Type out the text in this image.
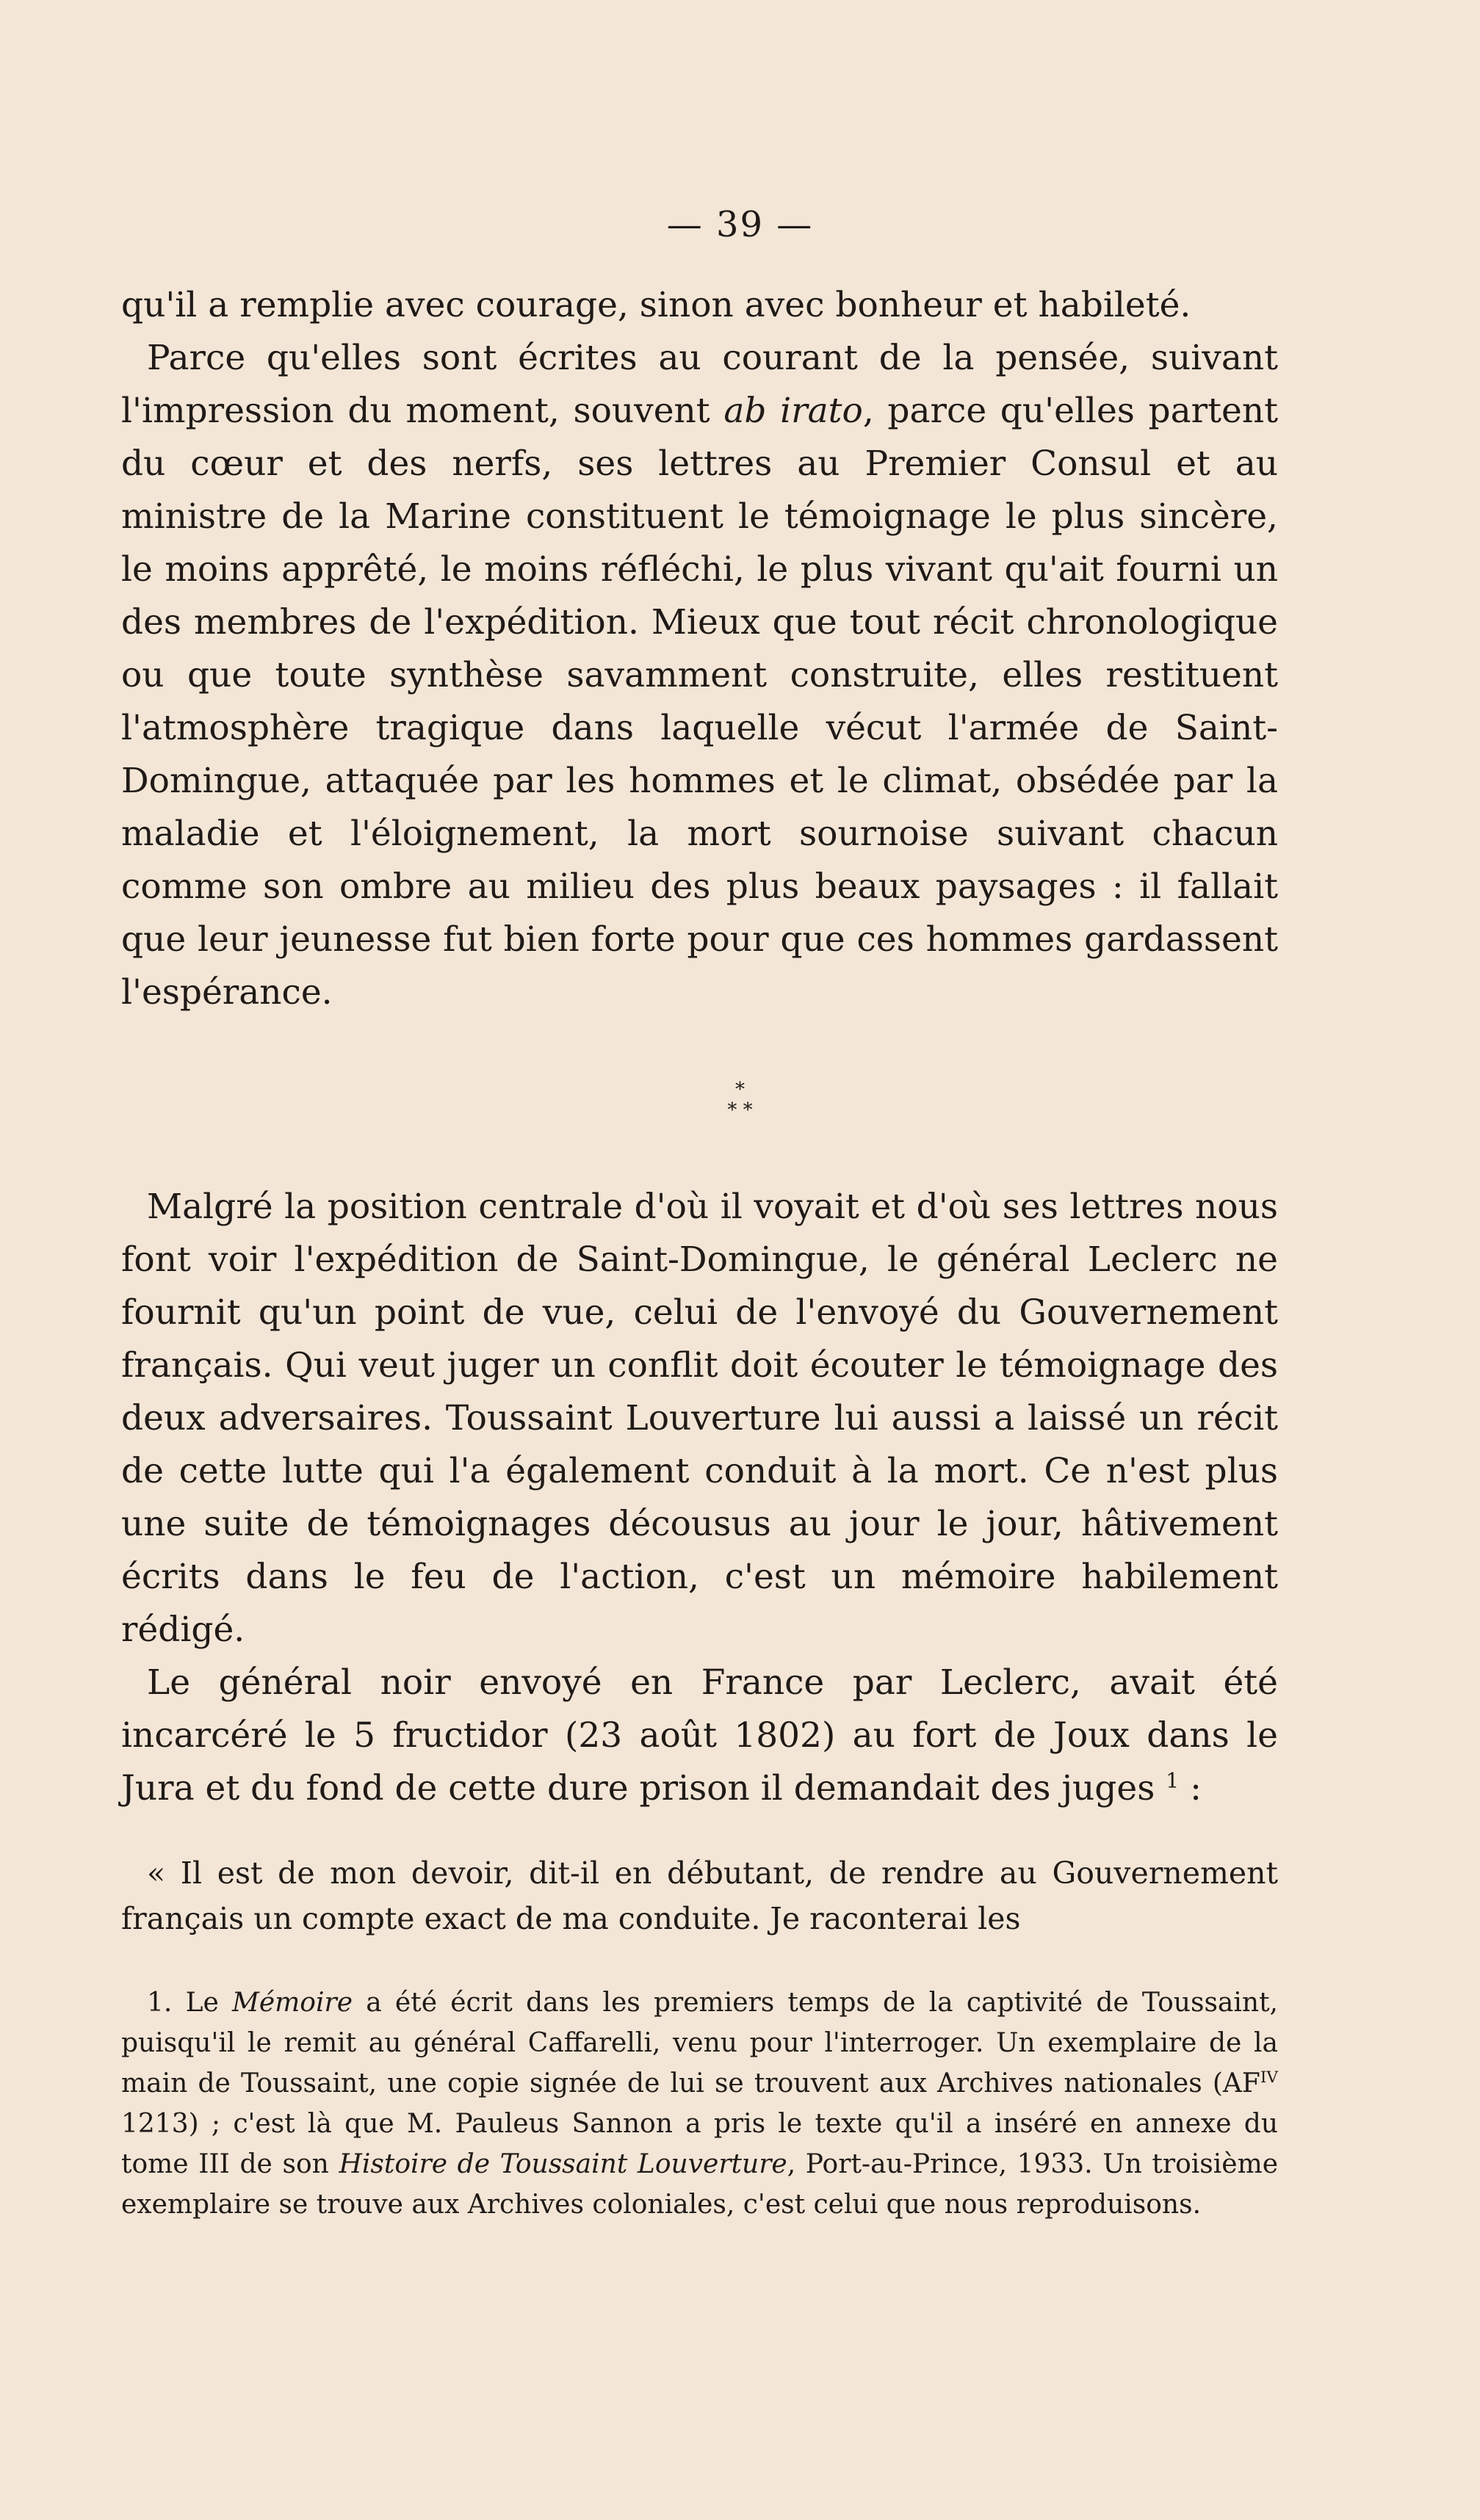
— 39 —

qu'il a remplie avec courage, sinon avec bonheur et habileté.

Parce qu'elles sont écrites au courant de la pensée, suivant l'impression du moment, souvent ab irato, parce qu'elles partent du cœur et des nerfs, ses lettres au Premier Consul et au ministre de la Marine constituent le témoignage le plus sincère, le moins apprêté, le moins réfléchi, le plus vivant qu'ait fourni un des membres de l'expédition. Mieux que tout récit chronologique ou que toute synthèse savamment construite, elles restituent l'atmosphère tragique dans laquelle vécut l'armée de Saint-Domingue, attaquée par les hommes et le climat, obsédée par la maladie et l'éloignement, la mort sournoise suivant chacun comme son ombre au milieu des plus beaux paysages : il fallait que leur jeunesse fut bien forte pour que ces hommes gardassent l'espérance.

*
* *

Malgré la position centrale d'où il voyait et d'où ses lettres nous font voir l'expédition de Saint-Domingue, le général Leclerc ne fournit qu'un point de vue, celui de l'envoyé du Gouvernement français. Qui veut juger un conflit doit écouter le témoignage des deux adversaires. Toussaint Louverture lui aussi a laissé un récit de cette lutte qui l'a également conduit à la mort. Ce n'est plus une suite de témoignages décousus au jour le jour, hâtivement écrits dans le feu de l'action, c'est un mémoire habilement rédigé.

Le général noir envoyé en France par Leclerc, avait été incarcéré le 5 fructidor (23 août 1802) au fort de Joux dans le Jura et du fond de cette dure prison il demandait des juges $^1$ :

« Il est de mon devoir, dit-il en débutant, de rendre au Gouvernement français un compte exact de ma conduite. Je raconterai les

1. Le Mémoire a été écrit dans les premiers temps de la captivité de Toussaint, puisqu'il le remit au général Caffarelli, venu pour l'interroger. Un exemplaire de la main de Toussaint, une copie signée de lui se trouvent aux Archives nationales ($AF^{IV}$ 1213) ; c'est là que M. Pauleus Sannon a pris le texte qu'il a inséré en annexe du tome III de son Histoire de Toussaint Louverture, Port-au-Prince, 1933. Un troisième exemplaire se trouve aux Archives coloniales, c'est celui que nous reproduisons.
